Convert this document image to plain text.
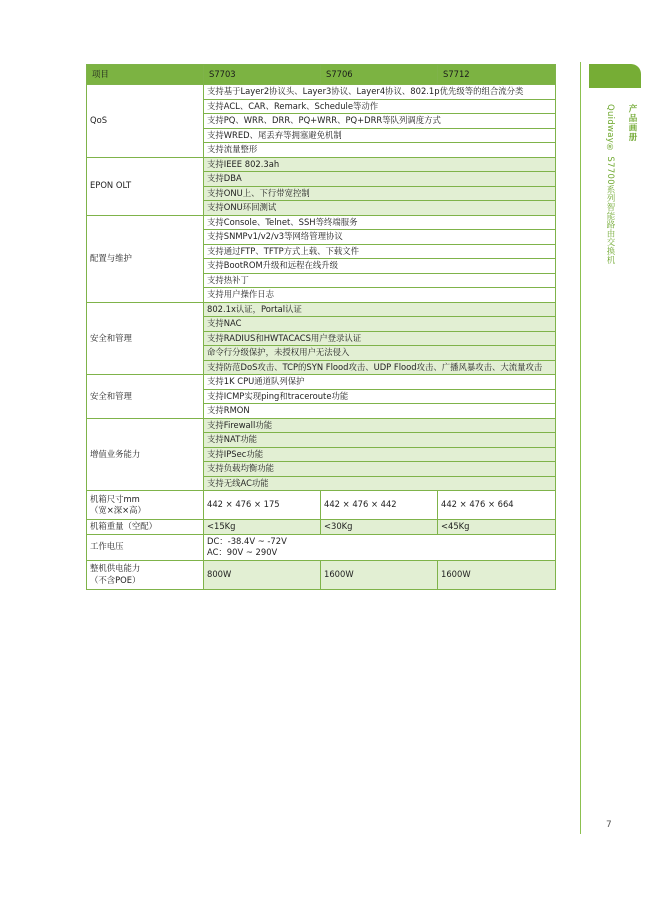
项目	S7703	S7706	S7712
QoS	支持基于Layer2协议头、Layer3协议、Layer4协议、802.1p优先级等的组合流分类		
	支持ACL、CAR、Remark、Schedule等动作		
	支持PQ、WRR、DRR、PQ+WRR、PQ+DRR等队列调度方式		
	支持WRED、尾丢弃等拥塞避免机制		
	支持流量整形		
EPON OLT	支持IEEE 802.3ah		
	支持DBA		
	支持ONU上、下行带宽控制		
	支持ONU环回测试		
配置与维护	支持Console、Telnet、SSH等终端服务		
	支持SNMPv1/v2/v3等网络管理协议		
	支持通过FTP、TFTP方式上载、下载文件		
	支持BootROM升级和远程在线升级		
	支持热补丁		
	支持用户操作日志		
安全和管理	802.1x认证，Portal认证		
	支持NAC		
	支持RADIUS和HWTACACS用户登录认证		
	命令行分级保护，未授权用户无法侵入		
	支持防范DoS攻击、TCP的SYN Flood攻击、UDP Flood攻击、广播风暴攻击、大流量攻击		
安全和管理	支持1K CPU通道队列保护		
	支持ICMP实现ping和traceroute功能		
	支持RMON		
增值业务能力	支持Firewall功能		
	支持NAT功能		
	支持IPSec功能		
	支持负载均衡功能		
	支持无线AC功能		

机箱尺寸mm
（宽×深×高）	442 × 476 × 175	442 × 476 × 442	442 × 476 × 664
机箱重量（空配）	<15Kg	<30Kg	<45Kg
工作电压	DC：-38.4V ~ -72V
AC：90V ~ 290V		

整机供电能力
（不含POE）	800W	1600W	1600W
产品画册
Quidway® S7700系列智能路由交换机
7
